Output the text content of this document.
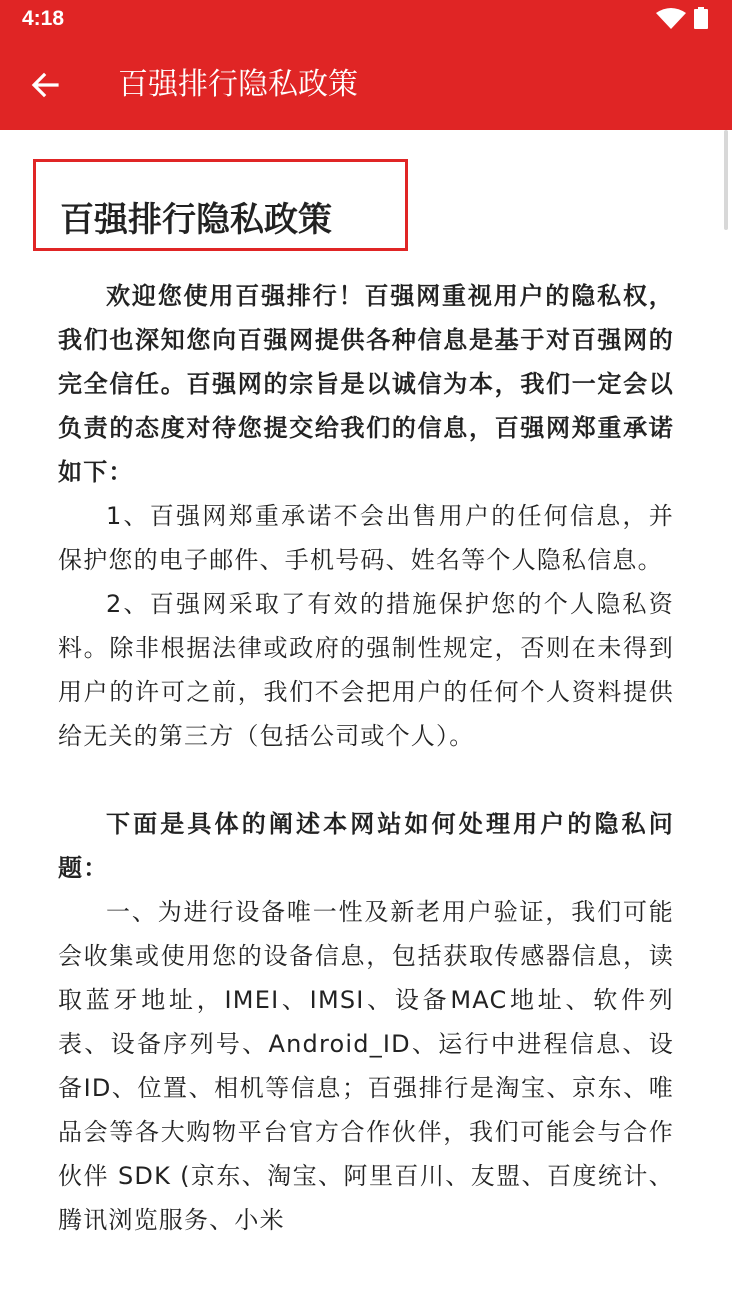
4:18
百强排行隐私政策
百强排行隐私政策

欢迎您使用百强排行！百强网重视用户的隐私权，我们也深知您向百强网提供各种信息是基于对百强网的完全信任。百强网的宗旨是以诚信为本，我们一定会以负责的态度对待您提交给我们的信息，百强网郑重承诺如下：

1、百强网郑重承诺不会出售用户的任何信息，并保护您的电子邮件、手机号码、姓名等个人隐私信息。

2、百强网采取了有效的措施保护您的个人隐私资料。除非根据法律或政府的强制性规定，否则在未得到用户的许可之前，我们不会把用户的任何个人资料提供给无关的第三方（包括公司或个人）。

下面是具体的阐述本网站如何处理用户的隐私问题：

一、为进行设备唯一性及新老用户验证，我们可能会收集或使用您的设备信息，包括获取传感器信息，读取蓝牙地址，IMEI、IMSI、设备MAC地址、软件列表、设备序列号、Android_ID、运行中进程信息、设备ID、位置、相机等信息；百强排行是淘宝、京东、唯品会等各大购物平台官方合作伙伴，我们可能会与合作伙伴 SDK (京东、淘宝、阿里百川、友盟、百度统计、腾讯浏览服务、小米
